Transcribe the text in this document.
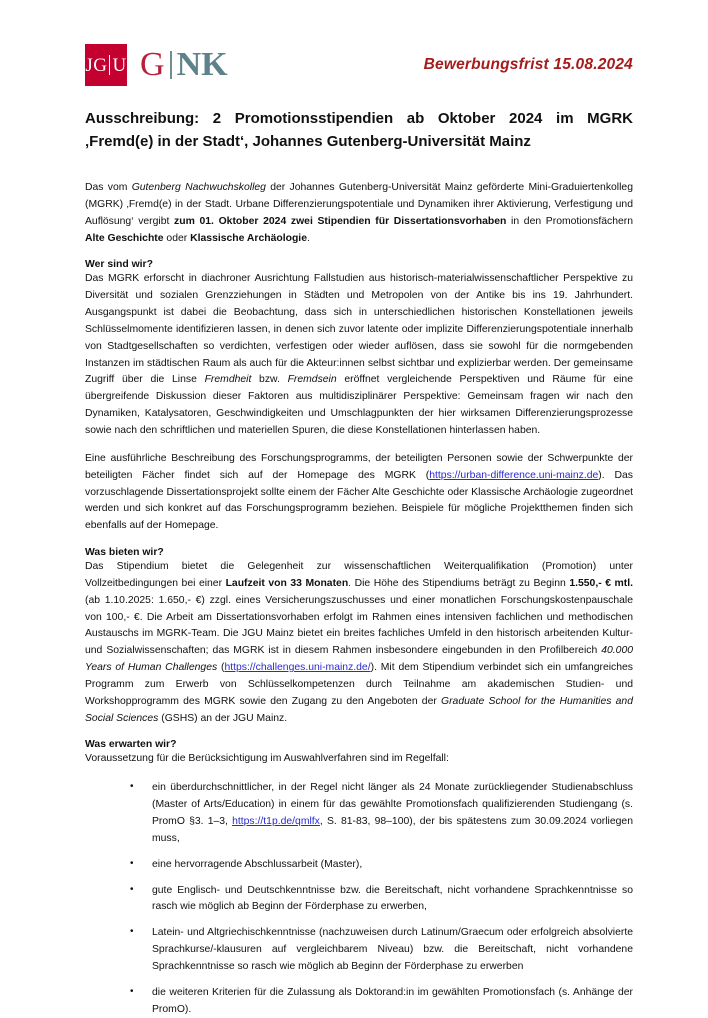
JG U G NK	Bewerbungsfrist 15.08.2024
Ausschreibung: 2 Promotionsstipendien ab Oktober 2024 im MGRK ‚Fremd(e) in der Stadt‘, Johannes Gutenberg-Universität Mainz

Das vom Gutenberg Nachwuchskolleg der Johannes Gutenberg-Universität Mainz geförderte Mini-Graduiertenkolleg (MGRK) ‚Fremd(e) in der Stadt. Urbane Differenzierungspotentiale und Dynamiken ihrer Aktivierung, Verfestigung und Auflösung‘ vergibt zum 01. Oktober 2024 zwei Stipendien für Dissertationsvorhaben in den Promotionsfächern Alte Geschichte oder Klassische Archäologie.

Wer sind wir?

Das MGRK erforscht in diachroner Ausrichtung Fallstudien aus historisch-materialwissenschaftlicher Perspektive zu Diversität und sozialen Grenzziehungen in Städten und Metropolen von der Antike bis ins 19. Jahrhundert. Ausgangspunkt ist dabei die Beobachtung, dass sich in unterschiedlichen historischen Konstellationen jeweils Schlüsselmomente identifizieren lassen, in denen sich zuvor latente oder implizite Differenzierungspotentiale innerhalb von Stadtgesellschaften so verdichten, verfestigen oder wieder auflösen, dass sie sowohl für die normgebenden Instanzen im städtischen Raum als auch für die Akteur:innen selbst sichtbar und explizierbar werden. Der gemeinsame Zugriff über die Linse Fremdheit bzw. Fremdsein eröffnet vergleichende Perspektiven und Räume für eine übergreifende Diskussion dieser Faktoren aus multidisziplinärer Perspektive: Gemeinsam fragen wir nach den Dynamiken, Katalysatoren, Geschwindigkeiten und Umschlagpunkten der hier wirksamen Differenzierungsprozesse sowie nach den schriftlichen und materiellen Spuren, die diese Konstellationen hinterlassen haben.

Eine ausführliche Beschreibung des Forschungsprogramms, der beteiligten Personen sowie der Schwerpunkte der beteiligten Fächer findet sich auf der Homepage des MGRK (https://urban-difference.uni-mainz.de). Das vorzuschlagende Dissertationsprojekt sollte einem der Fächer Alte Geschichte oder Klassische Archäologie zugeordnet werden und sich konkret auf das Forschungsprogramm beziehen. Beispiele für mögliche Projektthemen finden sich ebenfalls auf der Homepage.

Was bieten wir?

Das Stipendium bietet die Gelegenheit zur wissenschaftlichen Weiterqualifikation (Promotion) unter Vollzeitbedingungen bei einer Laufzeit von 33 Monaten. Die Höhe des Stipendiums beträgt zu Beginn 1.550,- € mtl. (ab 1.10.2025: 1.650,- €) zzgl. eines Versicherungszuschusses und einer monatlichen Forschungskostenpauschale von 100,- €. Die Arbeit am Dissertationsvorhaben erfolgt im Rahmen eines intensiven fachlichen und methodischen Austauschs im MGRK-Team. Die JGU Mainz bietet ein breites fachliches Umfeld in den historisch arbeitenden Kultur- und Sozialwissenschaften; das MGRK ist in diesem Rahmen insbesondere eingebunden in den Profilbereich 40.000 Years of Human Challenges (https://challenges.uni-mainz.de/). Mit dem Stipendium verbindet sich ein umfangreiches Programm zum Erwerb von Schlüsselkompetenzen durch Teilnahme am akademischen Studien- und Workshopprogramm des MGRK sowie den Zugang zu den Angeboten der Graduate School for the Humanities and Social Sciences (GSHS) an der JGU Mainz.

Was erwarten wir?

Voraussetzung für die Berücksichtigung im Auswahlverfahren sind im Regelfall:

• ein überdurchschnittlicher, in der Regel nicht länger als 24 Monate zurückliegender Studienabschluss (Master of Arts/Education) in einem für das gewählte Promotionsfach qualifizierenden Studiengang (s. PromO §3. 1–3, https://t1p.de/qmlfx, S. 81-83, 98–100), der bis spätestens zum 30.09.2024 vorliegen muss,
• eine hervorragende Abschlussarbeit (Master),
• gute Englisch- und Deutschkenntnisse bzw. die Bereitschaft, nicht vorhandene Sprachkenntnisse so rasch wie möglich ab Beginn der Förderphase zu erwerben,
• Latein- und Altgriechischkenntnisse (nachzuweisen durch Latinum/Graecum oder erfolgreich absolvierte Sprachkurse/-klausuren auf vergleichbarem Niveau) bzw. die Bereitschaft, nicht vorhandene Sprachkenntnisse so rasch wie möglich ab Beginn der Förderphase zu erwerben
• die weiteren Kriterien für die Zulassung als Doktorand:in im gewählten Promotionsfach (s. Anhänge der PromO).
